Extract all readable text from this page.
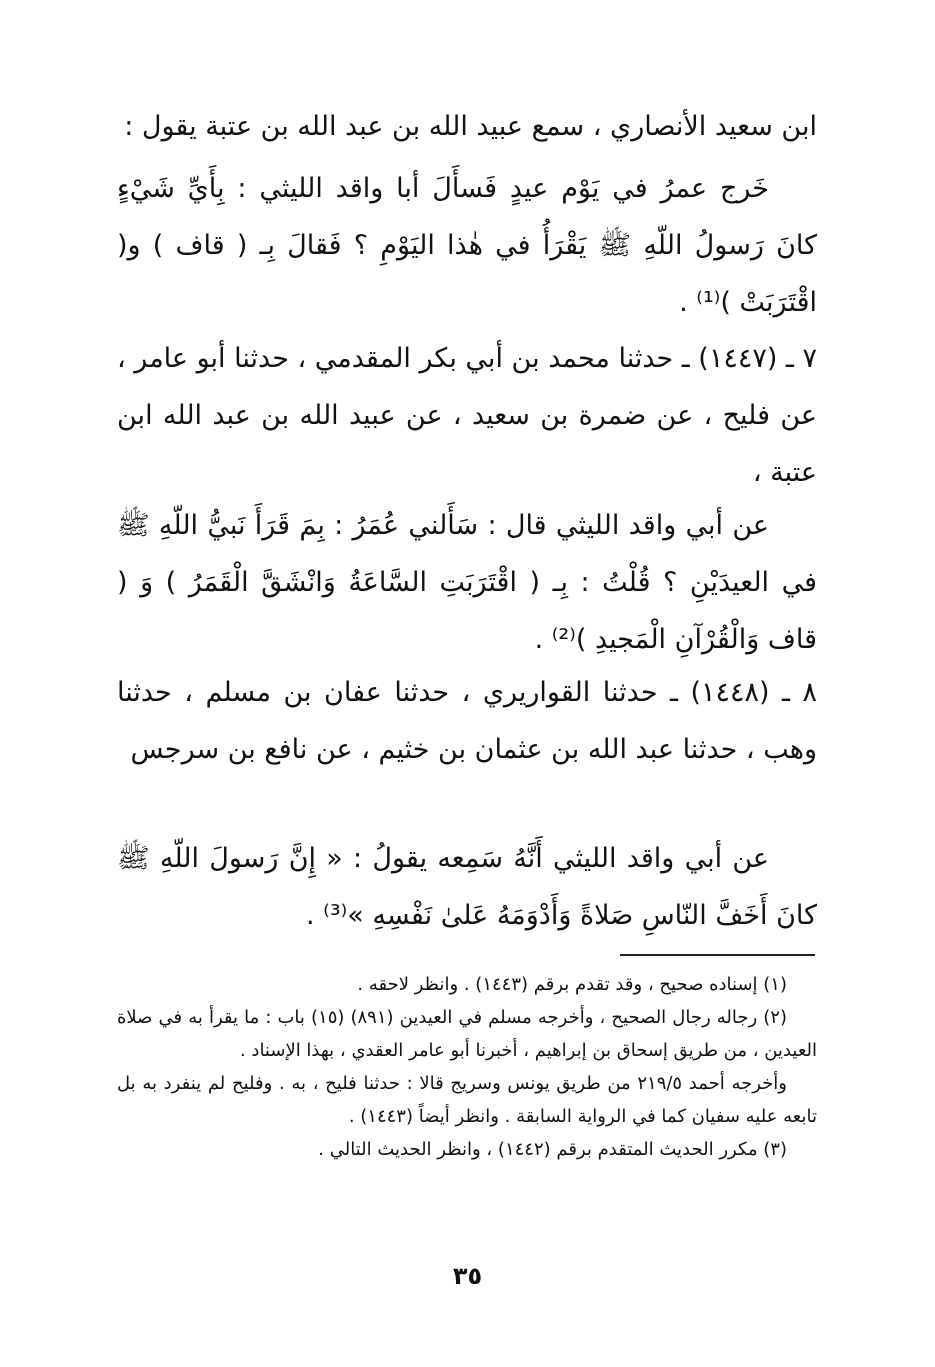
ابن سعيد الأنصاري ، سمع عبيد الله بن عبد الله بن عتبة يقول :

خَرج عمرُ في يَوْم عيدٍ فَسأَلَ أبا واقد الليثي : بِأَيِّ شَيْءٍ كانَ رَسولُ اللّهِ ﷺ يَقْرَأُ في هٰذا اليَوْمِ ؟ فَقالَ بِـ ( قاف ) و( اقْتَرَبَتْ )⁽¹⁾ .

٧ ـ (١٤٤٧) ـ حدثنا محمد بن أبي بكر المقدمي ، حدثنا أبو عامر ، عن فليح ، عن ضمرة بن سعيد ، عن عبيد الله بن عبد الله ابن عتبة ،

عن أبي واقد الليثي قال : سَأَلني عُمَرُ : بِمَ قَرَأَ نَبيُّ اللّهِ ﷺ في العيدَيْنِ ؟ قُلْتُ : بِـ ( اقْتَرَبَتِ السَّاعَةُ وَانْشَقَّ الْقَمَرُ ) وَ ( قاف وَالْقُرْآنِ الْمَجيدِ )⁽²⁾ .

٨ ـ (١٤٤٨) ـ حدثنا القواريري ، حدثنا عفان بن مسلم ، حدثنا وهب ، حدثنا عبد الله بن عثمان بن خثيم ، عن نافع بن سرجس

عن أبي واقد الليثي أَنَّهُ سَمِعه يقولُ : « إِنَّ رَسولَ اللّهِ ﷺ كانَ أَخَفَّ النّاسِ صَلاةً وَأَدْوَمَهُ عَلىٰ نَفْسِهِ »⁽³⁾ .

(١) إسناده صحيح ، وقد تقدم برقم (١٤٤٣) . وانظر لاحقه .

(٢) رجاله رجال الصحيح ، وأخرجه مسلم في العيدين (٨٩١) (١٥) باب : ما يقرأ به في صلاة العيدين ، من طريق إسحاق بن إبراهيم ، أخبرنا أبو عامر العقدي ، بهذا الإسناد .

وأخرجه أحمد ٢١٩/٥ من طريق يونس وسريج قالا : حدثنا فليح ، به . وفليح لم ينفرد به بل تابعه عليه سفيان كما في الرواية السابقة . وانظر أيضاً (١٤٤٣) .

(٣) مكرر الحديث المتقدم برقم (١٤٤٢) ، وانظر الحديث التالي .

٣٥
